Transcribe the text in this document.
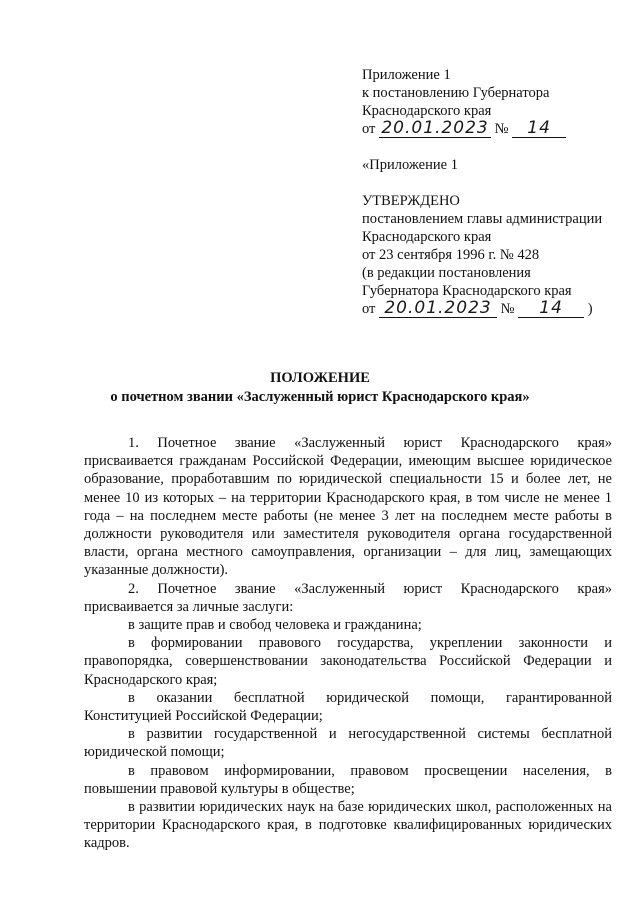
Приложение 1
к постановлению Губернатора
Краснодарского края
от 20.01.2023 № 14
«Приложение 1
УТВЕРЖДЕНО
постановлением главы администрации
Краснодарского края
от 23 сентября 1996 г. № 428
(в редакции постановления
Губернатора Краснодарского края
от 20.01.2023 № 14 )
ПОЛОЖЕНИЕ
о почетном звании «Заслуженный юрист Краснодарского края»

1. Почетное звание «Заслуженный юрист Краснодарского края» присваивается гражданам Российской Федерации, имеющим высшее юридическое образование, проработавшим по юридической специальности 15 и более лет, не менее 10 из которых – на территории Краснодарского края, в том числе не менее 1 года – на последнем месте работы (не менее 3 лет на последнем месте работы в должности руководителя или заместителя руководителя органа государственной власти, органа местного самоуправления, организации – для лиц, замещающих указанные должности).

2. Почетное звание «Заслуженный юрист Краснодарского края» присваивается за личные заслуги:

в защите прав и свобод человека и гражданина;

в формировании правового государства, укреплении законности и правопорядка, совершенствовании законодательства Российской Федерации и Краснодарского края;

в оказании бесплатной юридической помощи, гарантированной Конституцией Российской Федерации;

в развитии государственной и негосударственной системы бесплатной юридической помощи;

в правовом информировании, правовом просвещении населения, в повышении правовой культуры в обществе;

в развитии юридических наук на базе юридических школ, расположенных на территории Краснодарского края, в подготовке квалифицированных юридических кадров.
